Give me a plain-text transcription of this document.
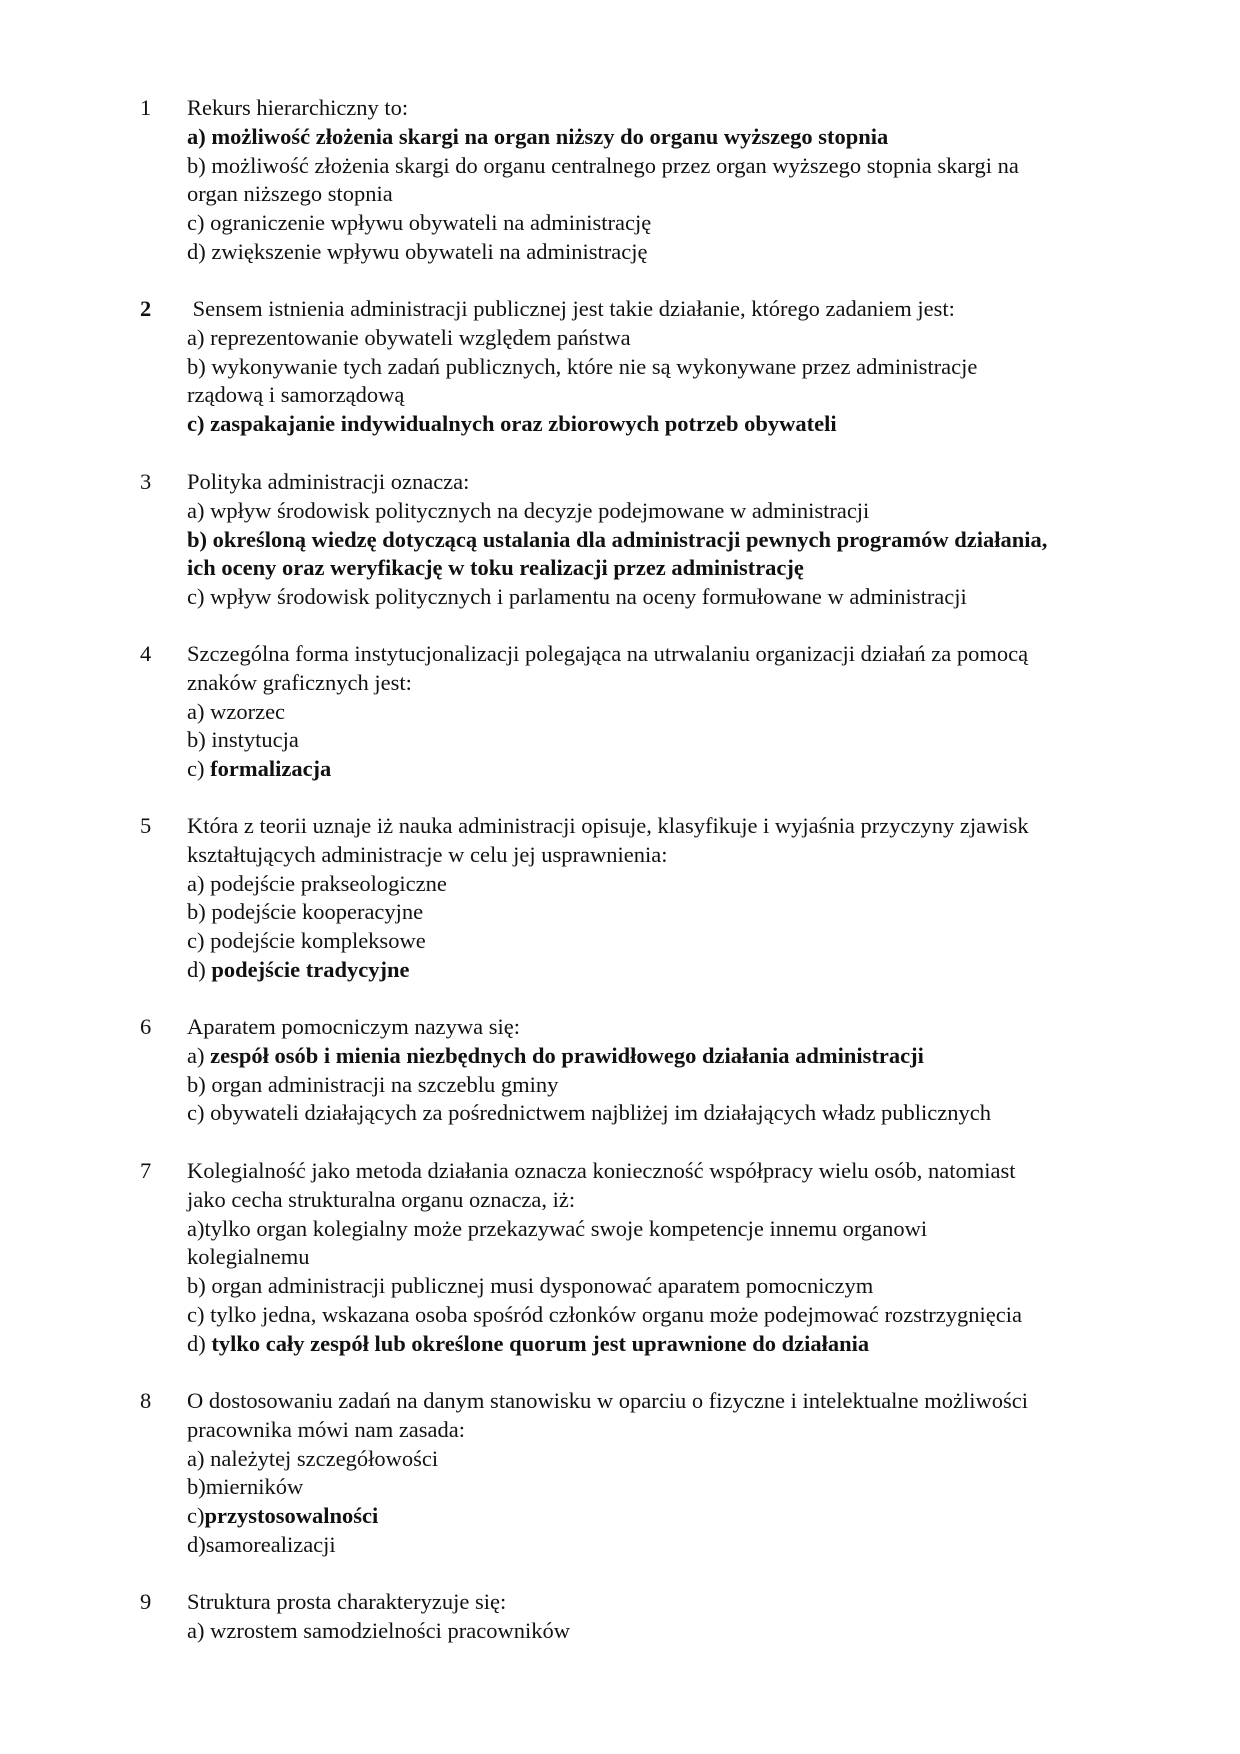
1	Rekurs hierarchiczny to:
a) możliwość złożenia skargi na organ niższy do organu wyższego stopnia
b) możliwość złożenia skargi do organu centralnego przez organ wyższego stopnia skargi na
organ niższego stopnia
c) ograniczenie wpływu obywateli na administrację
d) zwiększenie wpływu obywateli na administrację
2	Sensem istnienia administracji publicznej jest takie działanie, którego zadaniem jest:
a) reprezentowanie obywateli względem państwa
b) wykonywanie tych zadań publicznych, które nie są wykonywane przez administracje
rządową i samorządową
c) zaspakajanie indywidualnych oraz zbiorowych potrzeb obywateli
3	Polityka administracji oznacza:
a) wpływ środowisk politycznych na decyzje podejmowane w administracji
b) określoną wiedzę dotyczącą ustalania dla administracji pewnych programów działania,
ich oceny oraz weryfikację w toku realizacji przez administrację
c) wpływ środowisk politycznych i parlamentu na oceny formułowane w administracji
4	Szczególna forma instytucjonalizacji polegająca na utrwalaniu organizacji działań za pomocą
znaków graficznych jest:
a) wzorzec
b) instytucja
c) formalizacja
5	Która z teorii uznaje iż nauka administracji opisuje, klasyfikuje i wyjaśnia przyczyny zjawisk
kształtujących administracje w celu jej usprawnienia:
a) podejście prakseologiczne
b) podejście kooperacyjne
c) podejście kompleksowe
d) podejście tradycyjne
6	Aparatem pomocniczym nazywa się:
a) zespół osób i mienia niezbędnych do prawidłowego działania administracji
b) organ administracji na szczeblu gminy
c) obywateli działających za pośrednictwem najbliżej im działających władz publicznych
7	Kolegialność jako metoda działania oznacza konieczność współpracy wielu osób, natomiast
jako cecha strukturalna organu oznacza, iż:
a)tylko organ kolegialny może przekazywać swoje kompetencje innemu organowi
kolegialnemu
b) organ administracji publicznej musi dysponować aparatem pomocniczym
c) tylko jedna, wskazana osoba spośród członków organu może podejmować rozstrzygnięcia
d) tylko cały zespół lub określone quorum jest uprawnione do działania
8	O dostosowaniu zadań na danym stanowisku w oparciu o fizyczne i intelektualne możliwości
pracownika mówi nam zasada:
a) należytej szczegółowości
b)mierników
c)przystosowalności
d)samorealizacji
9	Struktura prosta charakteryzuje się:
a) wzrostem samodzielności pracowników
